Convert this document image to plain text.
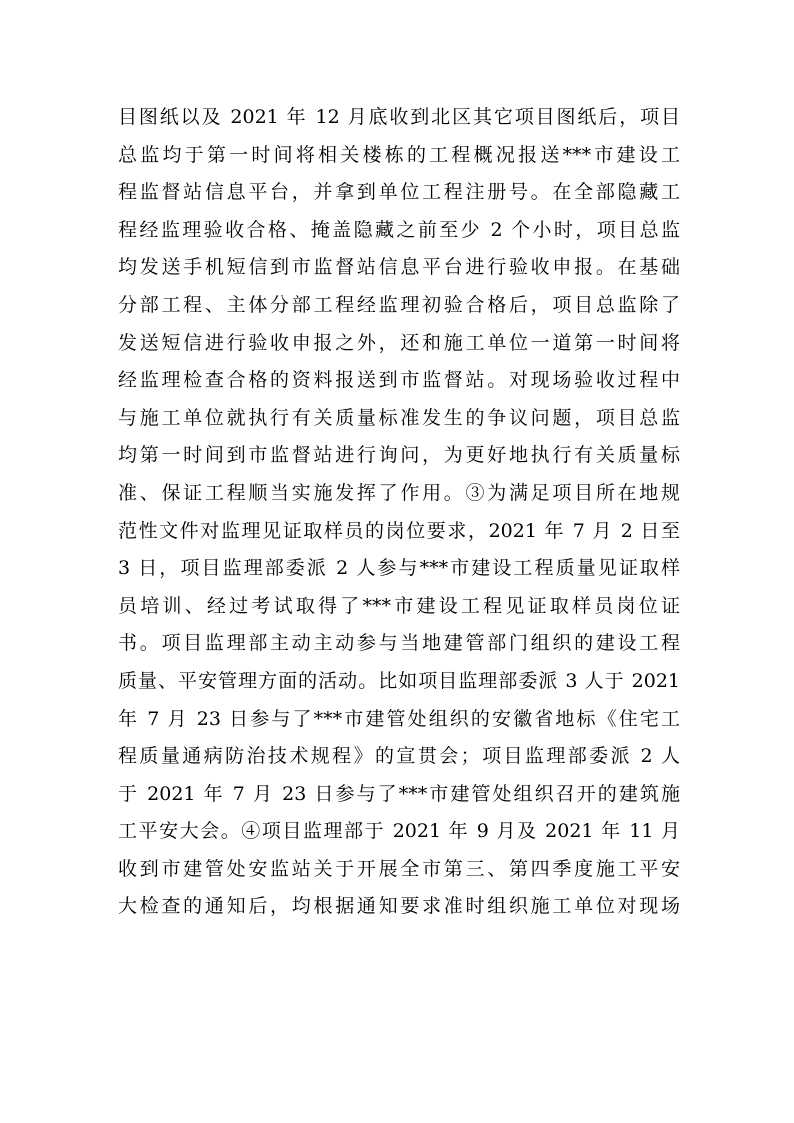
目图纸以及 2021 年 12 月底收到北区其它项目图纸后，项目
总监均于第一时间将相关楼栋的工程概况报送***市建设工
程监督站信息平台，并拿到单位工程注册号。在全部隐藏工
程经监理验收合格、掩盖隐藏之前至少 2 个小时，项目总监
均发送手机短信到市监督站信息平台进行验收申报。在基础
分部工程、主体分部工程经监理初验合格后，项目总监除了
发送短信进行验收申报之外，还和施工单位一道第一时间将
经监理检查合格的资料报送到市监督站。对现场验收过程中
与施工单位就执行有关质量标准发生的争议问题，项目总监
均第一时间到市监督站进行询问，为更好地执行有关质量标
准、保证工程顺当实施发挥了作用。③为满足项目所在地规
范性文件对监理见证取样员的岗位要求，2021 年 7 月 2 日至
3 日，项目监理部委派 2 人参与***市建设工程质量见证取样
员培训、经过考试取得了***市建设工程见证取样员岗位证
书。项目监理部主动主动参与当地建管部门组织的建设工程
质量、平安管理方面的活动。比如项目监理部委派 3 人于 2021
年 7 月 23 日参与了***市建管处组织的安徽省地标《住宅工
程质量通病防治技术规程》的宣贯会；项目监理部委派 2 人
于 2021 年 7 月 23 日参与了***市建管处组织召开的建筑施
工平安大会。④项目监理部于 2021 年 9 月及 2021 年 11 月
收到市建管处安监站关于开展全市第三、第四季度施工平安
大检查的通知后，均根据通知要求准时组织施工单位对现场
